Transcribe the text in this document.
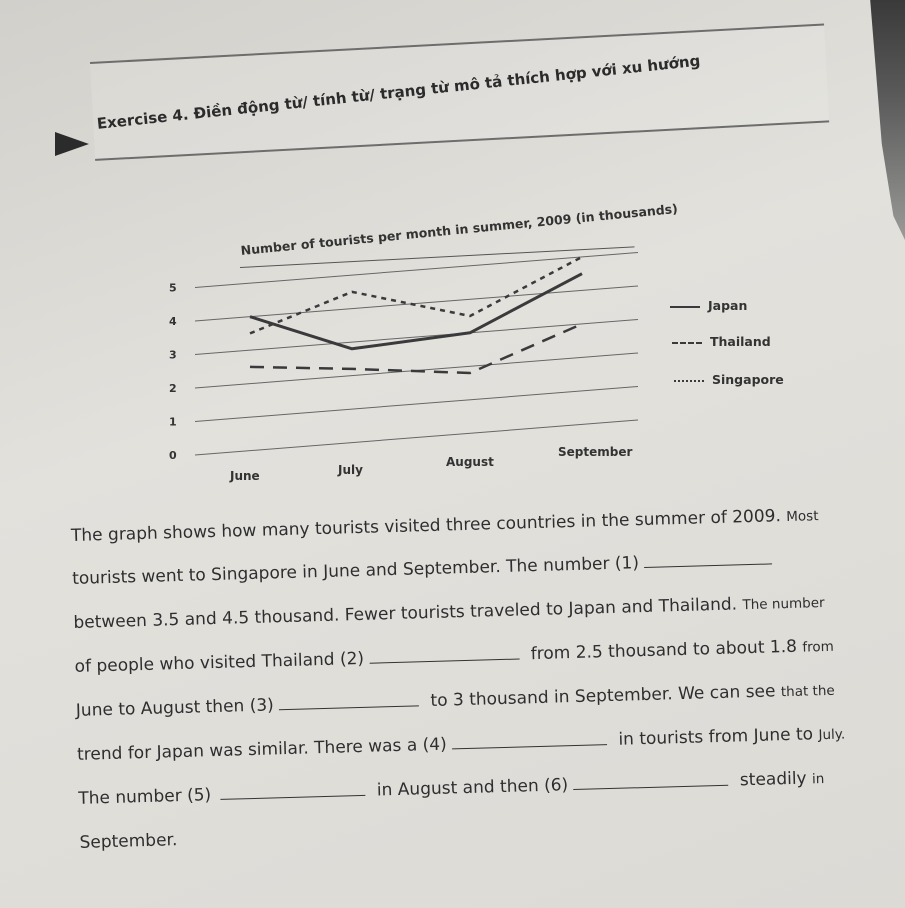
Exercise 4. Điền động từ/ tính từ/ trạng từ mô tả thích hợp với xu hướng
Number of tourists per month in summer, 2009 (in thousands)
0
1
2
3
4
5
June	July
August
September
Japan
Thailand
Singapore
The graph shows how many tourists visited three countries in the summer of 2009. Most
tourists went to Singapore in June and September. The number (1)
between 3.5 and 4.5 thousand. Fewer tourists traveled to Japan and Thailand. The number
of people who visited Thailand (2)	from 2.5 thousand to about 1.8 from
June to August then (3)	to 3 thousand in September. We can see that the
trend for Japan was similar. There was a (4)	in tourists from June to July.
The number (5)	in August and then (6)	steadily in
September.
